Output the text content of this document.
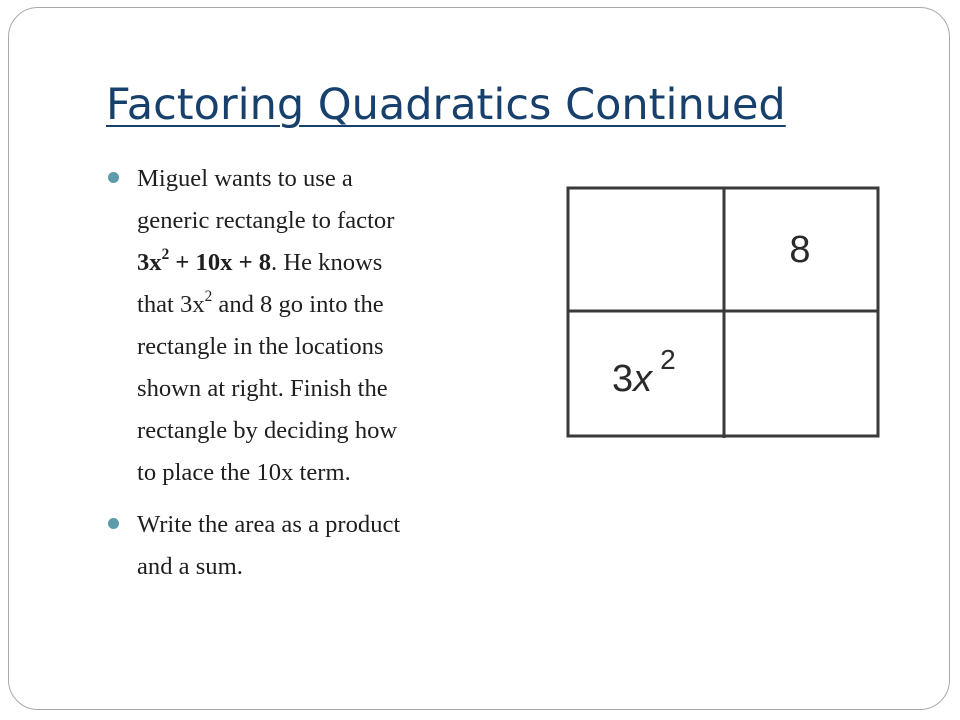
Factoring Quadratics Continued
Miguel wants to use a
generic rectangle to factor
$3x^2 + 10x + 8$. He knows
that $3x^2$ and 8 go into the
rectangle in the locations
shown at right. Finish the
rectangle by deciding how
to place the 10x term.
Write the area as a product
and a sum.
8
3x $^2$
